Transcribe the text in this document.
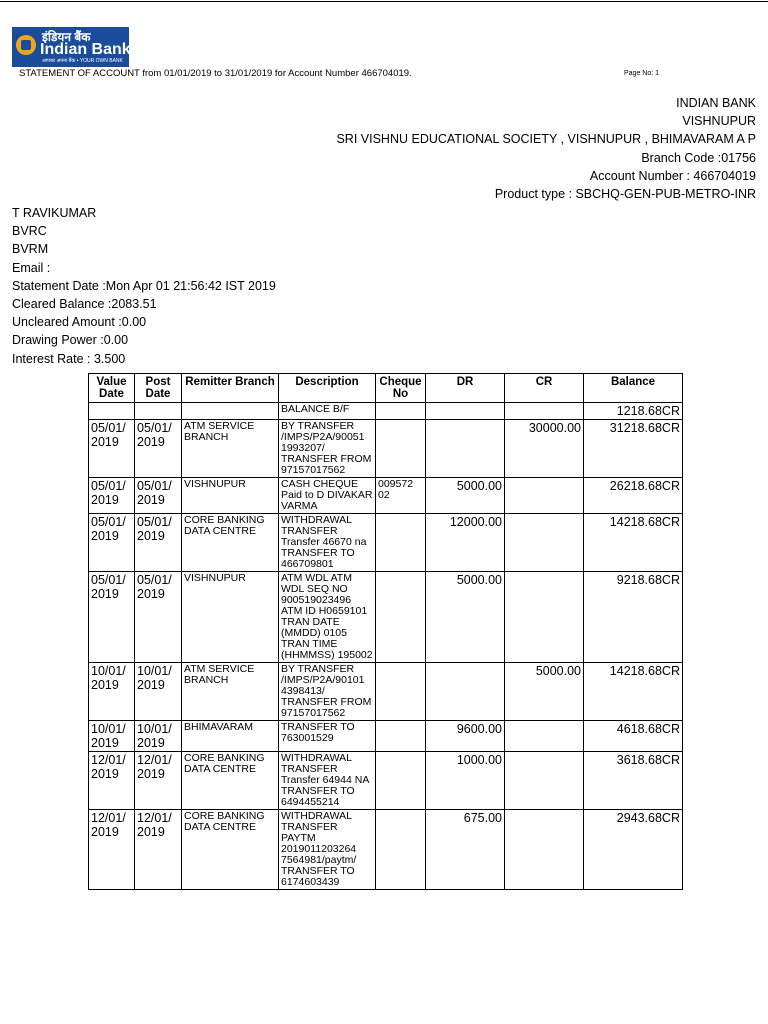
इंडियन बैंक
Indian Bank
आपका अपना बैंक • YOUR OWN BANK
STATEMENT OF ACCOUNT from 01/01/2019 to 31/01/2019 for Account Number 466704019.	Page No: 1
INDIAN BANK
VISHNUPUR
SRI VISHNU EDUCATIONAL SOCIETY , VISHNUPUR , BHIMAVARAM A P
Branch Code :01756
Account Number : 466704019
Product type : SBCHQ-GEN-PUB-METRO-INR
T RAVIKUMAR
BVRC
BVRM
Email :
Statement Date :Mon Apr 01 21:56:42 IST 2019
Cleared Balance :2083.51
Uncleared Amount :0.00
Drawing Power :0.00
Interest Rate : 3.500
Value Date	Post Date	Remitter Branch	Description	Cheque No	DR	CR	Balance
			BALANCE B/F				1218.68CR
05/01/ 2019	05/01/ 2019	ATM SERVICE BRANCH	BY TRANSFER /IMPS/P2A/90051 1993207/ TRANSFER FROM 97157017562			30000.00	31218.68CR
05/01/ 2019	05/01/ 2019	VISHNUPUR	CASH CHEQUE Paid to D DIVAKAR VARMA	009572 02	5000.00		26218.68CR
05/01/ 2019	05/01/ 2019	CORE BANKING DATA CENTRE	WITHDRAWAL TRANSFER Transfer 46670 na TRANSFER TO 466709801		12000.00		14218.68CR
05/01/ 2019	05/01/ 2019	VISHNUPUR	ATM WDL ATM WDL SEQ NO 900519023496 ATM ID H0659101 TRAN DATE (MMDD) 0105 TRAN TIME (HHMMSS) 195002		5000.00		9218.68CR
10/01/ 2019	10/01/ 2019	ATM SERVICE BRANCH	BY TRANSFER /IMPS/P2A/90101 4398413/ TRANSFER FROM 97157017562			5000.00	14218.68CR
10/01/ 2019	10/01/ 2019	BHIMAVARAM	TRANSFER TO 763001529		9600.00		4618.68CR
12/01/ 2019	12/01/ 2019	CORE BANKING DATA CENTRE	WITHDRAWAL TRANSFER Transfer 64944 NA TRANSFER TO 6494455214		1000.00		3618.68CR
12/01/ 2019	12/01/ 2019	CORE BANKING DATA CENTRE	WITHDRAWAL TRANSFER PAYTM 2019011203264 7564981/paytm/ TRANSFER TO 6174603439		675.00		2943.68CR
